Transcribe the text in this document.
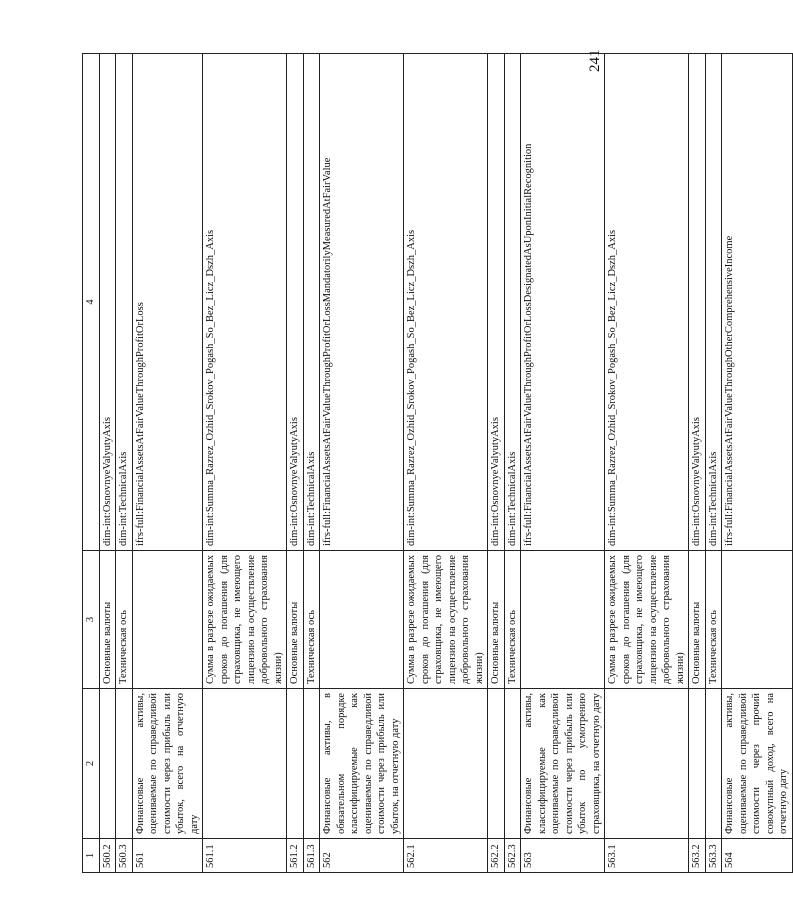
241
1	2	3	4
560.2		Основные валюты	dim-int:OsnovnyeValyutyAxis
560.3		Техническая ось	dim-int:TechnicalAxis
561	Финансовые активы, оцениваемые по справедливой стоимости через прибыль или убыток, всего на отчетную дату		ifrs-full:FinancialAssetsAtFairValueThroughProfitOrLoss
561.1		Сумма в разрезе ожидаемых сроков до погашения (для страховщика, не имеющего лицензию на осуществление добровольного страхования жизни)	dim-int:Summa_Razrez_Ozhid_Srokov_Pogash_So_Bez_Licz_Dszh_Axis
561.2		Основные валюты	dim-int:OsnovnyeValyutyAxis
561.3		Техническая ось	dim-int:TechnicalAxis
562	Финансовые активы, в обязательном порядке классифицируемые как оцениваемые по справедливой стоимости через прибыль или убыток, на отчетную дату		ifrs-full:FinancialAssetsAtFairValueThroughProfitOrLossMandatorilyMeasuredAtFairValue
562.1		Сумма в разрезе ожидаемых сроков до погашения (для страховщика, не имеющего лицензию на осуществление добровольного страхования жизни)	dim-int:Summa_Razrez_Ozhid_Srokov_Pogash_So_Bez_Licz_Dszh_Axis
562.2		Основные валюты	dim-int:OsnovnyeValyutyAxis
562.3		Техническая ось	dim-int:TechnicalAxis
563	Финансовые активы, классифицируемые как оцениваемые по справедливой стоимости через прибыль или убыток по усмотрению страховщика, на отчетную дату		ifrs-full:FinancialAssetsAtFairValueThroughProfitOrLossDesignatedAsUponInitialRecognition
563.1		Сумма в разрезе ожидаемых сроков до погашения (для страховщика, не имеющего лицензию на осуществление добровольного страхования жизни)	dim-int:Summa_Razrez_Ozhid_Srokov_Pogash_So_Bez_Licz_Dszh_Axis
563.2		Основные валюты	dim-int:OsnovnyeValyutyAxis
563.3		Техническая ось	dim-int:TechnicalAxis
564	Финансовые активы, оцениваемые по справедливой стоимости через прочий совокупный доход, всего на отчетную дату		ifrs-full:FinancialAssetsAtFairValueThroughOtherComprehensiveIncome
